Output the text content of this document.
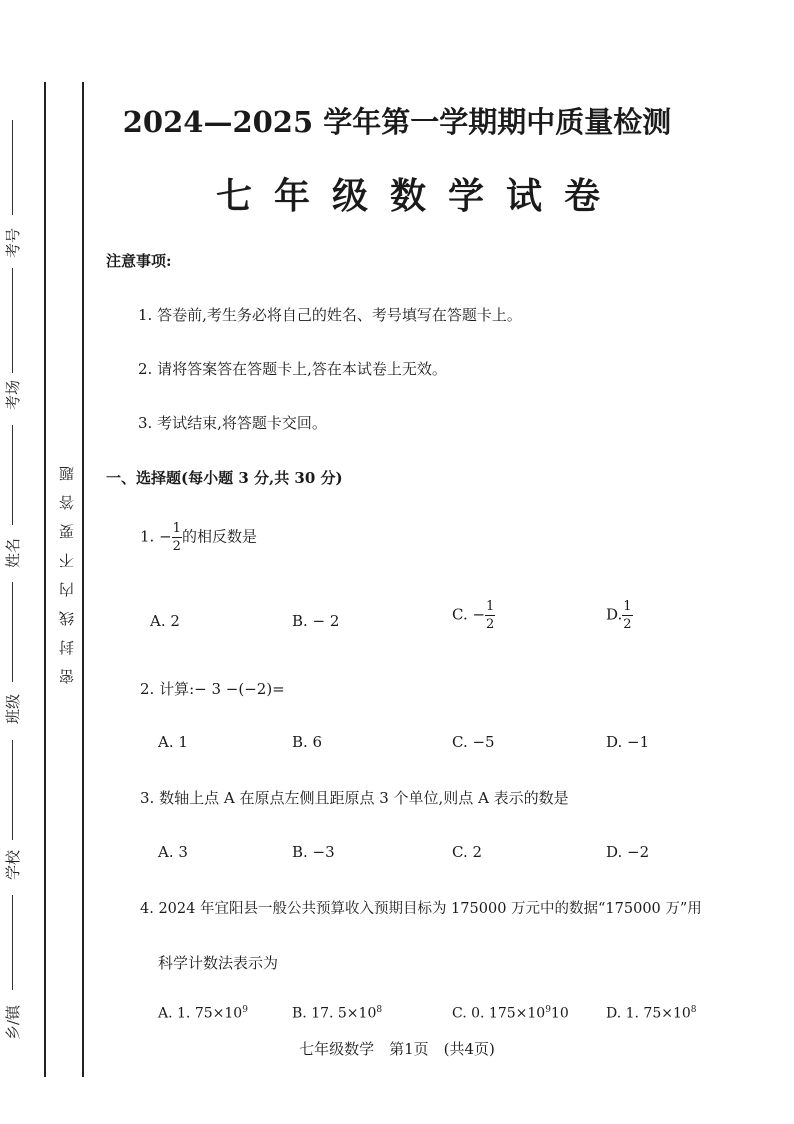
考号
考场
姓名
班级
学校
乡/镇
密封线内不要答题
2024—2025 学年第一学期期中质量检测
七年级数学试卷
注意事项:
1. 答卷前,考生务必将自己的姓名、考号填写在答题卡上。
2. 请将答案答在答题卡上,答在本试卷上无效。
3. 考试结束,将答题卡交回。
一、选择题(每小题 3 分,共 30 分)
1. − $\frac{1}{2}$ 的相反数是
A. 2	B. − 2	C. − $\frac{1}{2}$	D. $\frac{1}{2}$
2. 计算:− 3 −(−2)=
A. 1	B. 6	C. −5	D. −1
3. 数轴上点 A 在原点左侧且距原点 3 个单位,则点 A 表示的数是
A. 3	B. −3	C. 2	D. −2
4. 2024 年宜阳县一般公共预算收入预期目标为 175000 万元中的数据“175000 万”用
科学计数法表示为
A. 1. $75\times 10^9$	B. 17. $5\times 10^8$	C. 0. $175\times 10^910$	D. 1. $75\times 10^8$
七年级数学　第1页　(共4页)
